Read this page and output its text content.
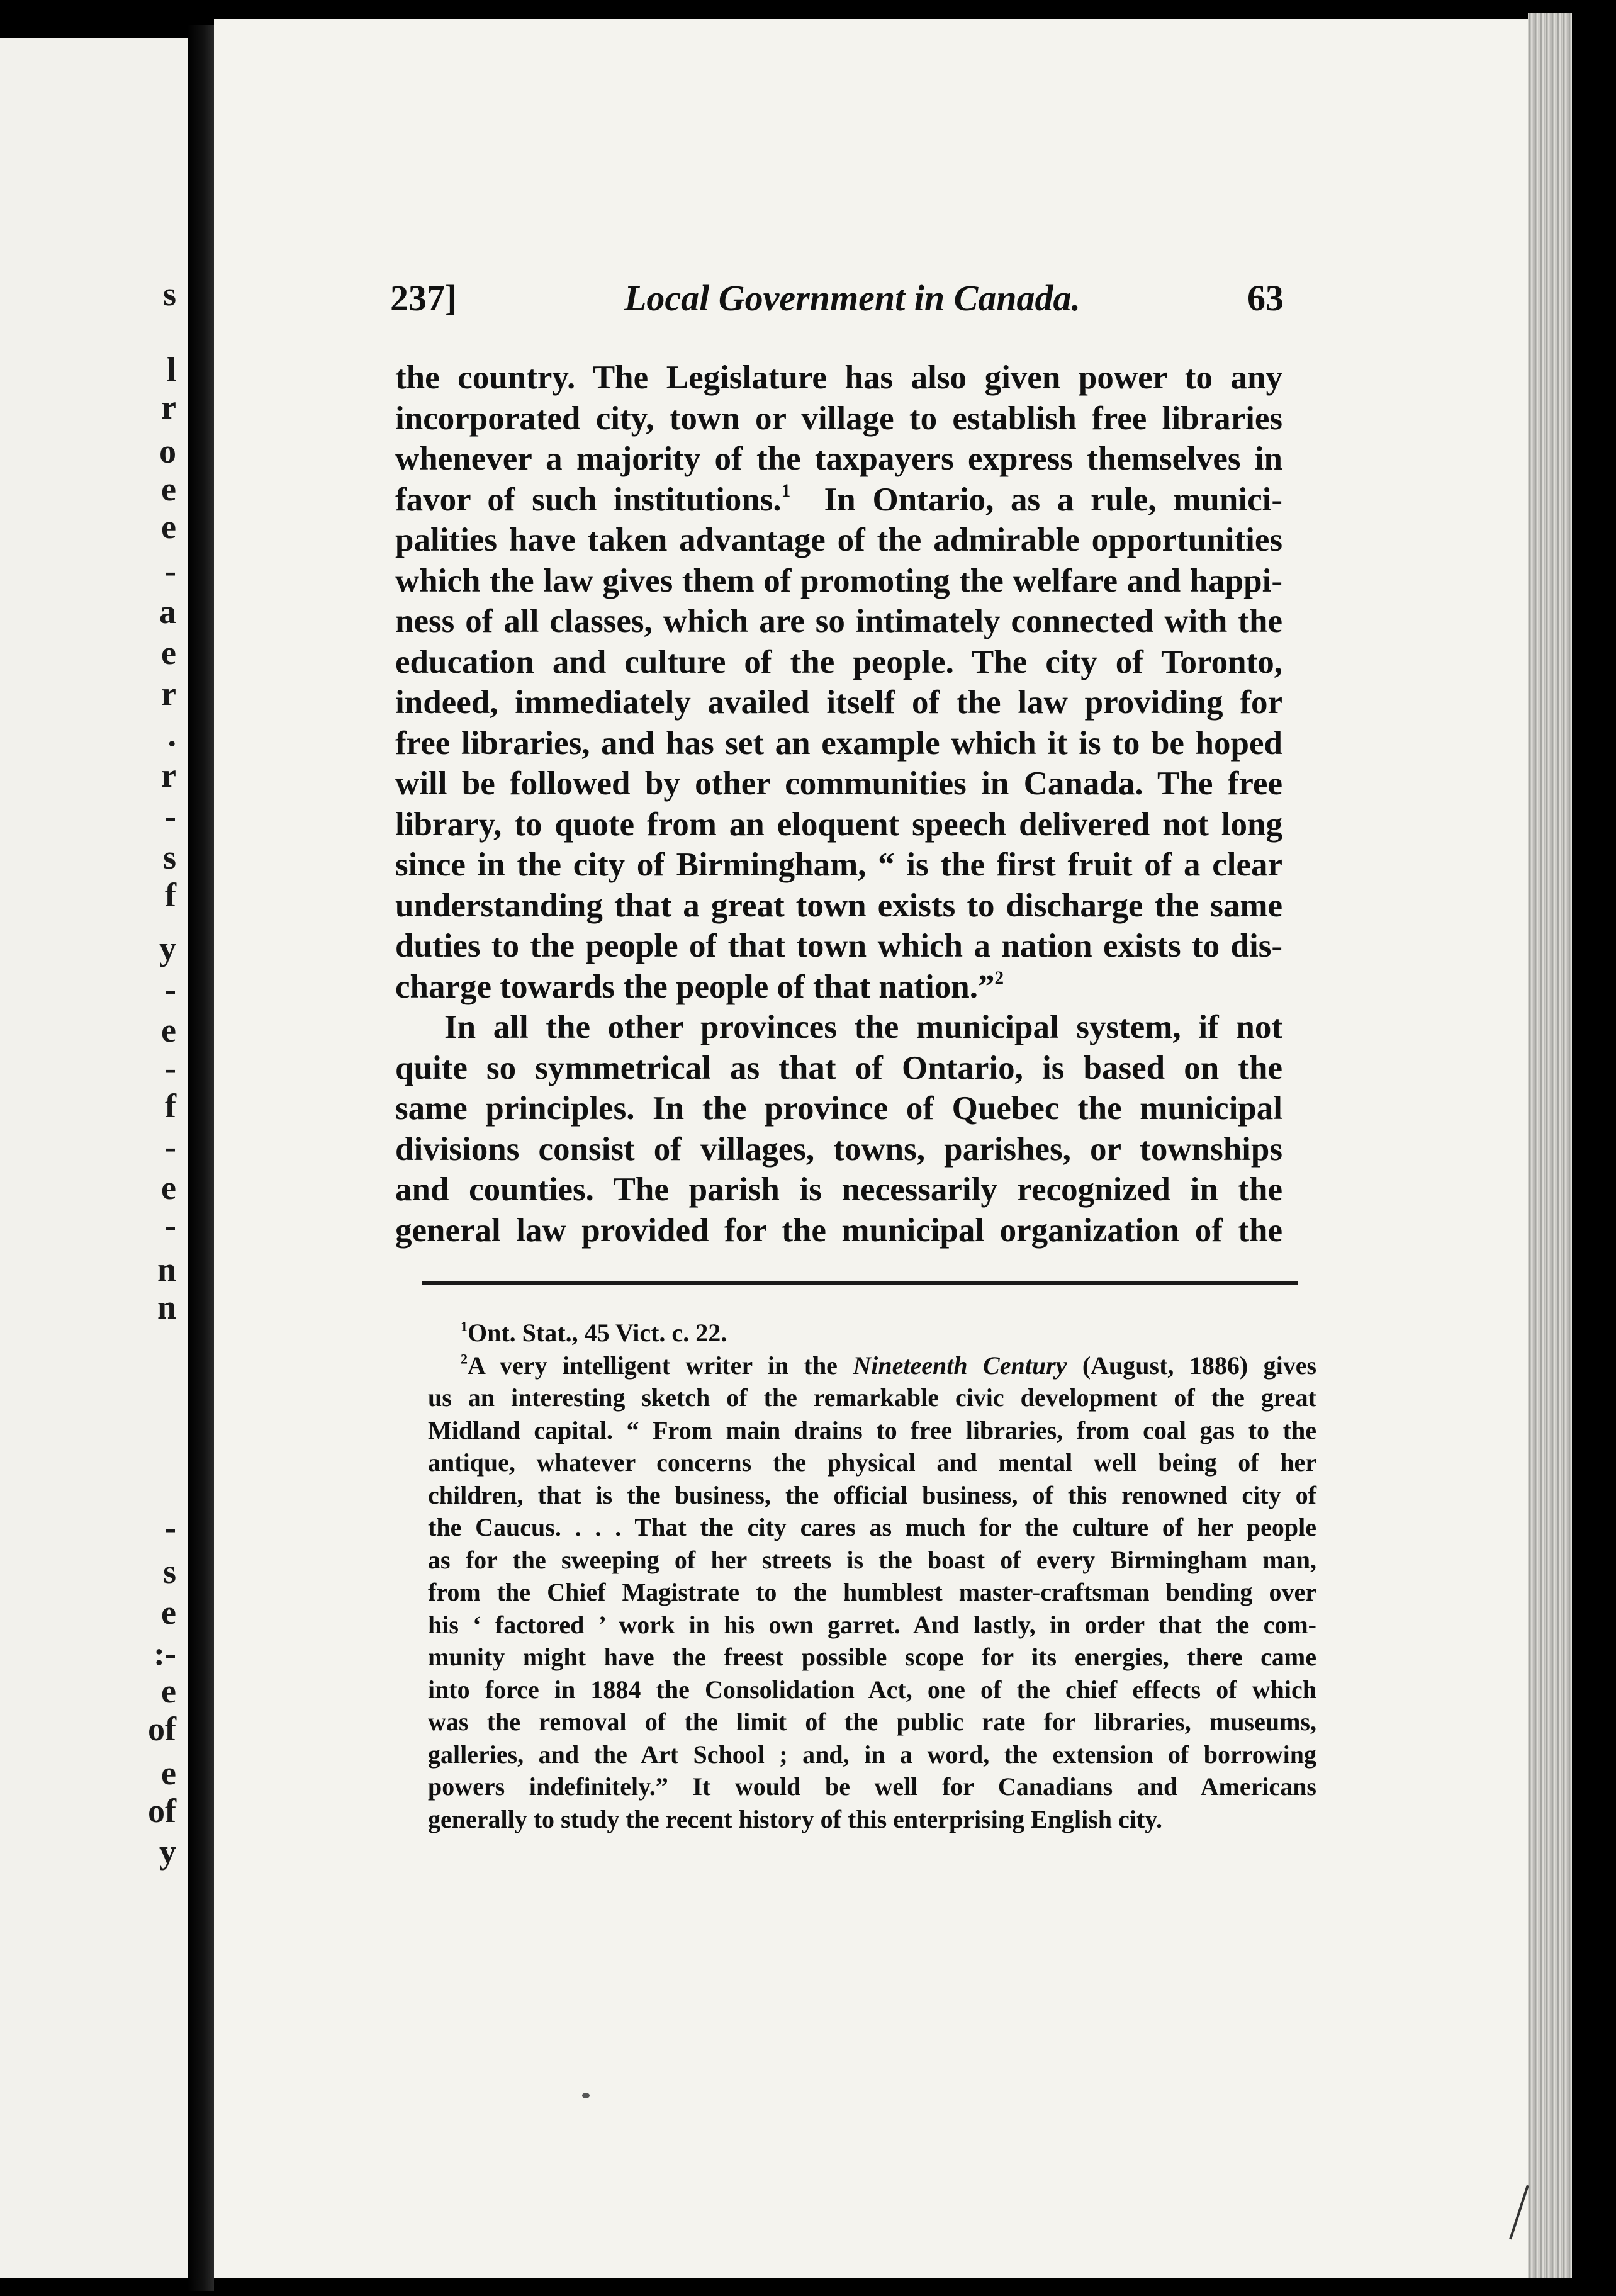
s
l
r
o
e
e
-
a
e
r
.
r
-
s
f
y
-
e
-
f
-
e
-
n
n
-
s
e
:-
e
of
e
of
y
237]	Local Government in Canada.	63
the country. The Legislature has also given power to any
incorporated city, town or village to establish free libraries
whenever a majority of the taxpayers express themselves in
favor of such institutions.$^1$ In Ontario, as a rule, munici-
palities have taken advantage of the admirable opportunities
which the law gives them of promoting the welfare and happi-
ness of all classes, which are so intimately connected with the
education and culture of the people. The city of Toronto,
indeed, immediately availed itself of the law providing for
free libraries, and has set an example which it is to be hoped
will be followed by other communities in Canada. The free
library, to quote from an eloquent speech delivered not long
since in the city of Birmingham, “ is the first fruit of a clear
understanding that a great town exists to discharge the same
duties to the people of that town which a nation exists to dis-
charge towards the people of that nation.”$^2$
In all the other provinces the municipal system, if not
quite so symmetrical as that of Ontario, is based on the
same principles. In the province of Quebec the municipal
divisions consist of villages, towns, parishes, or townships
and counties. The parish is necessarily recognized in the
general law provided for the municipal organization of the
$^1$Ont. Stat., 45 Vict. c. 22.
$^2$A very intelligent writer in the Nineteenth Century (August, 1886) gives
us an interesting sketch of the remarkable civic development of the great
Midland capital. “ From main drains to free libraries, from coal gas to the
antique, whatever concerns the physical and mental well being of her
children, that is the business, the official business, of this renowned city of
the Caucus. . . . That the city cares as much for the culture of her people
as for the sweeping of her streets is the boast of every Birmingham man,
from the Chief Magistrate to the humblest master-craftsman bending over
his ‘ factored ’ work in his own garret. And lastly, in order that the com-
munity might have the freest possible scope for its energies, there came
into force in 1884 the Consolidation Act, one of the chief effects of which
was the removal of the limit of the public rate for libraries, museums,
galleries, and the Art School ; and, in a word, the extension of borrowing
powers indefinitely.” It would be well for Canadians and Americans
generally to study the recent history of this enterprising English city.
